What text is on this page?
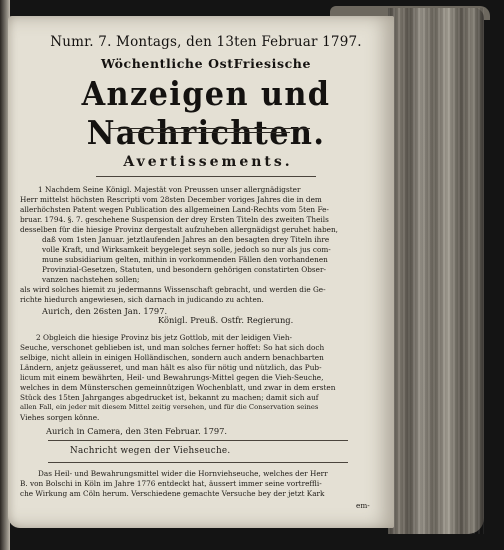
Numr. 7. Montags, den 13ten Februar 1797.
Wöchentliche OstFriesische
Anzeigen und Nachrichten.
Avertissements.
1 Nachdem Seine Königl. Majestät von Preussen unser allergnädigster
Herr mittelst höchsten Rescripti vom 28sten December voriges Jahres die in dem
allerhöchsten Patent wegen Publication des allgemeinen Land-Rechts vom 5ten Fe-
bruar. 1794. §. 7. geschehene Suspension der drey Ersten Titeln des zweiten Theils
desselben für die hiesige Provinz dergestalt aufzuheben allergnädigst geruhet haben,
daß vom 1sten Januar. jetztlaufenden Jahres an den besagten drey Titeln ihre
volle Kraft, und Wirksamkeit beygeleget seyn solle, jedoch so nur als jus com-
mune subsidiarium gelten, mithin in vorkommenden Fällen den vorhandenen
Provinzial-Gesetzen, Statuten, und besondern gehörigen constatirten Obser-
vanzen nachstehen sollen;
als wird solches hiemit zu jedermanns Wissenschaft gebracht, und werden die Ge-
richte hiedurch angewiesen, sich darnach in judicando zu achten.
Aurich, den 26sten Jan. 1797.
Königl. Preuß. Ostfr. Regierung.
2 Obgleich die hiesige Provinz bis jetz Gottlob, mit der leidigen Vieh-
Seuche, verschonet geblieben ist, und man solches ferner hoffet: So hat sich doch
selbige, nicht allein in einigen Holländischen, sondern auch andern benachbarten
Ländern, anjetz geäusseret, und man hält es also für nötig und nützlich, das Pub-
licum mit einem bewährten, Heil- und Bewahrungs-Mittel gegen die Vieh-Seuche,
welches in dem Münsterschen gemeinnützigen Wochenblatt, und zwar in dem ersten
Stück des 15ten Jahrganges abgedrucket ist, bekannt zu machen; damit sich auf
allen Fall, ein jeder mit diesem Mittel zeitig versehen, und für die Conservation seines
Viehes sorgen könne.
Aurich in Camera, den 3ten Februar. 1797.
Nachricht wegen der Viehseuche.
Das Heil- und Bewahrungsmittel wider die Hornviehseuche, welches der Herr
B. von Bolschi in Köln im Jahre 1776 entdeckt hat, äussert immer seine vortreffli-
che Wirkung am Cöln herum. Verschiedene gemachte Versuche bey der jetzt Kark
em-
